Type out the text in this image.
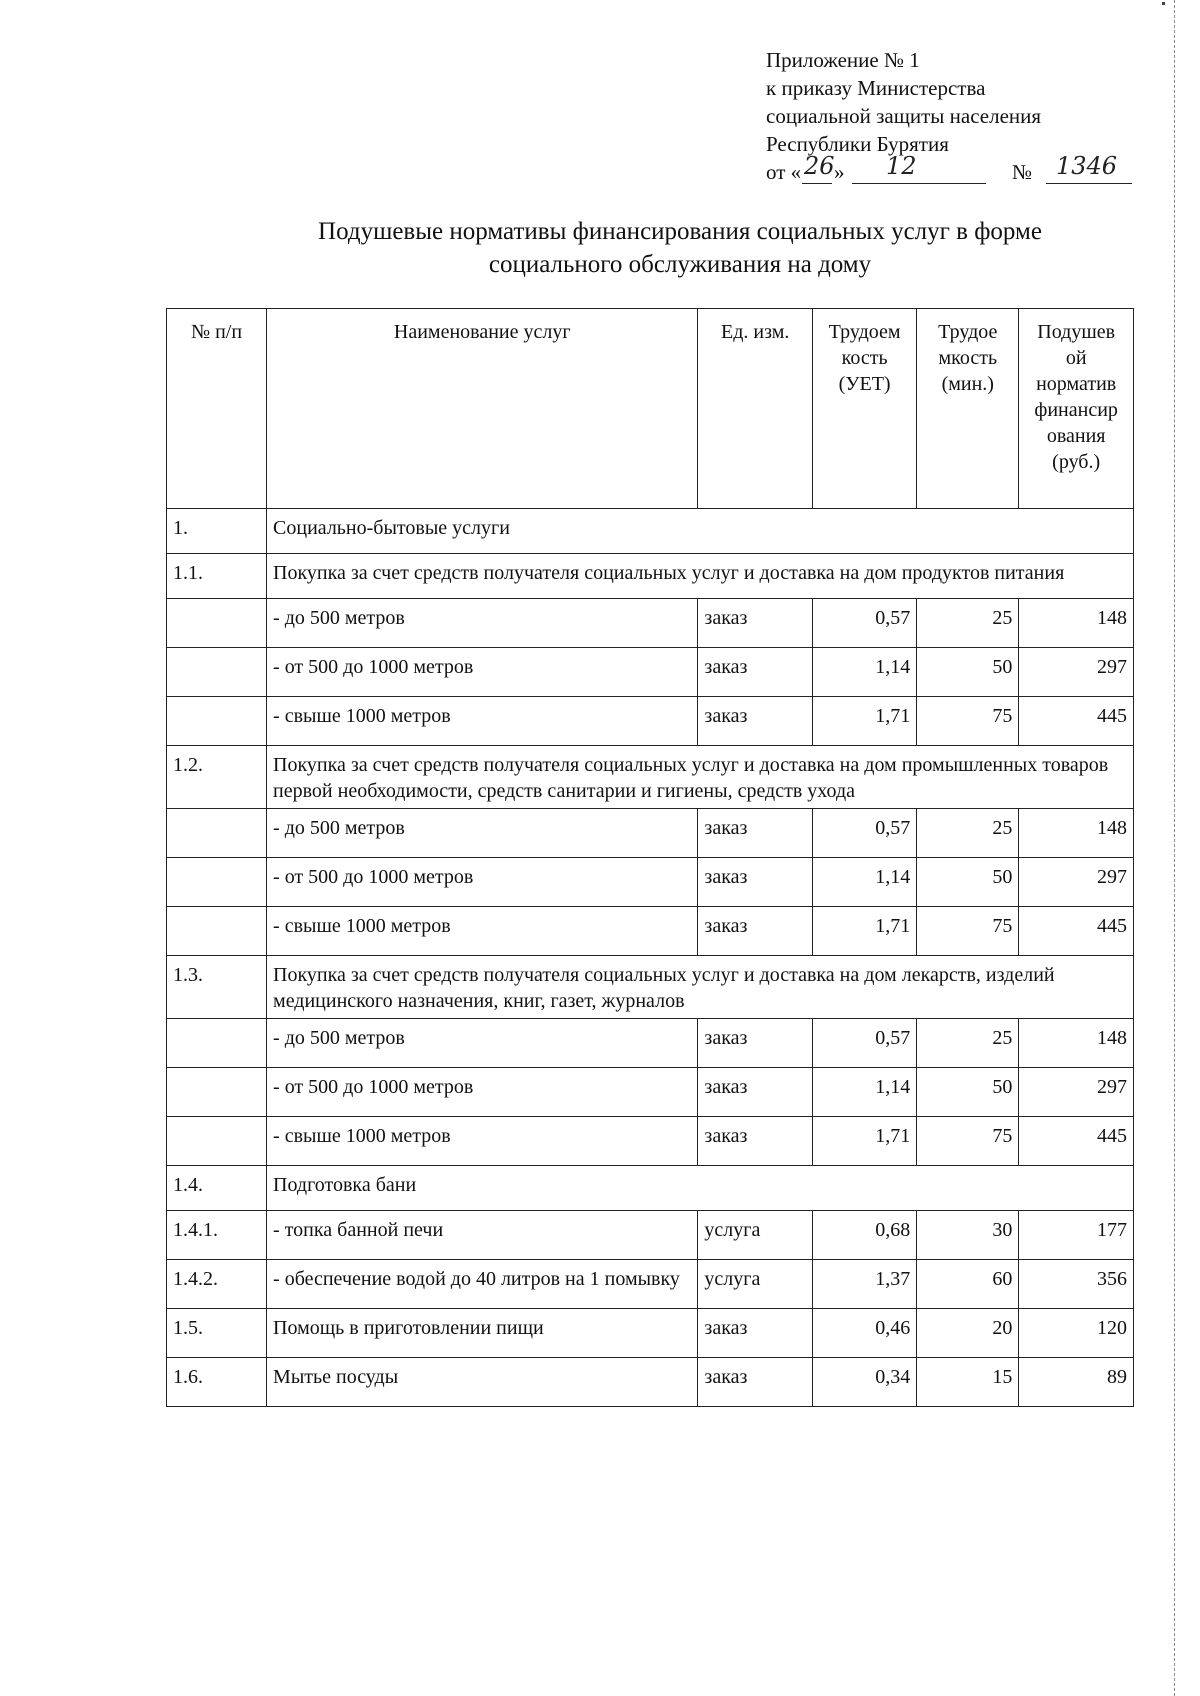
Приложение № 1
к приказу Министерства
социальной защиты населения
Республики Бурятия
от « 26 » 12	№ 1346
Подушевые нормативы финансирования социальных услуг в форме
социального обслуживания на дому
№ п/п	Наименование услуг	Ед. изм.	Трудоем кость (УЕТ)	Трудое мкость (мин.)	Подушев ой норматив финансир ования (руб.)
1.	Социально-бытовые услуги				
1.1.	Покупка за счет средств получателя социальных услуг и доставка на дом продуктов питания				
	- до 500 метров	заказ	0,57	25	148
	- от 500 до 1000 метров	заказ	1,14	50	297
	- свыше 1000 метров	заказ	1,71	75	445
1.2.	Покупка за счет средств получателя социальных услуг и доставка на дом промышленных товаров первой необходимости, средств санитарии и гигиены, средств ухода				
	- до 500 метров	заказ	0,57	25	148
	- от 500 до 1000 метров	заказ	1,14	50	297
	- свыше 1000 метров	заказ	1,71	75	445
1.3.	Покупка за счет средств получателя социальных услуг и доставка на дом лекарств, изделий медицинского назначения, книг, газет, журналов				
	- до 500 метров	заказ	0,57	25	148
	- от 500 до 1000 метров	заказ	1,14	50	297
	- свыше 1000 метров	заказ	1,71	75	445
1.4.	Подготовка бани				
1.4.1.	- топка банной печи	услуга	0,68	30	177
1.4.2.	- обеспечение водой до 40 литров на 1 помывку	услуга	1,37	60	356
1.5.	Помощь в приготовлении пищи	заказ	0,46	20	120
1.6.	Мытье посуды	заказ	0,34	15	89
